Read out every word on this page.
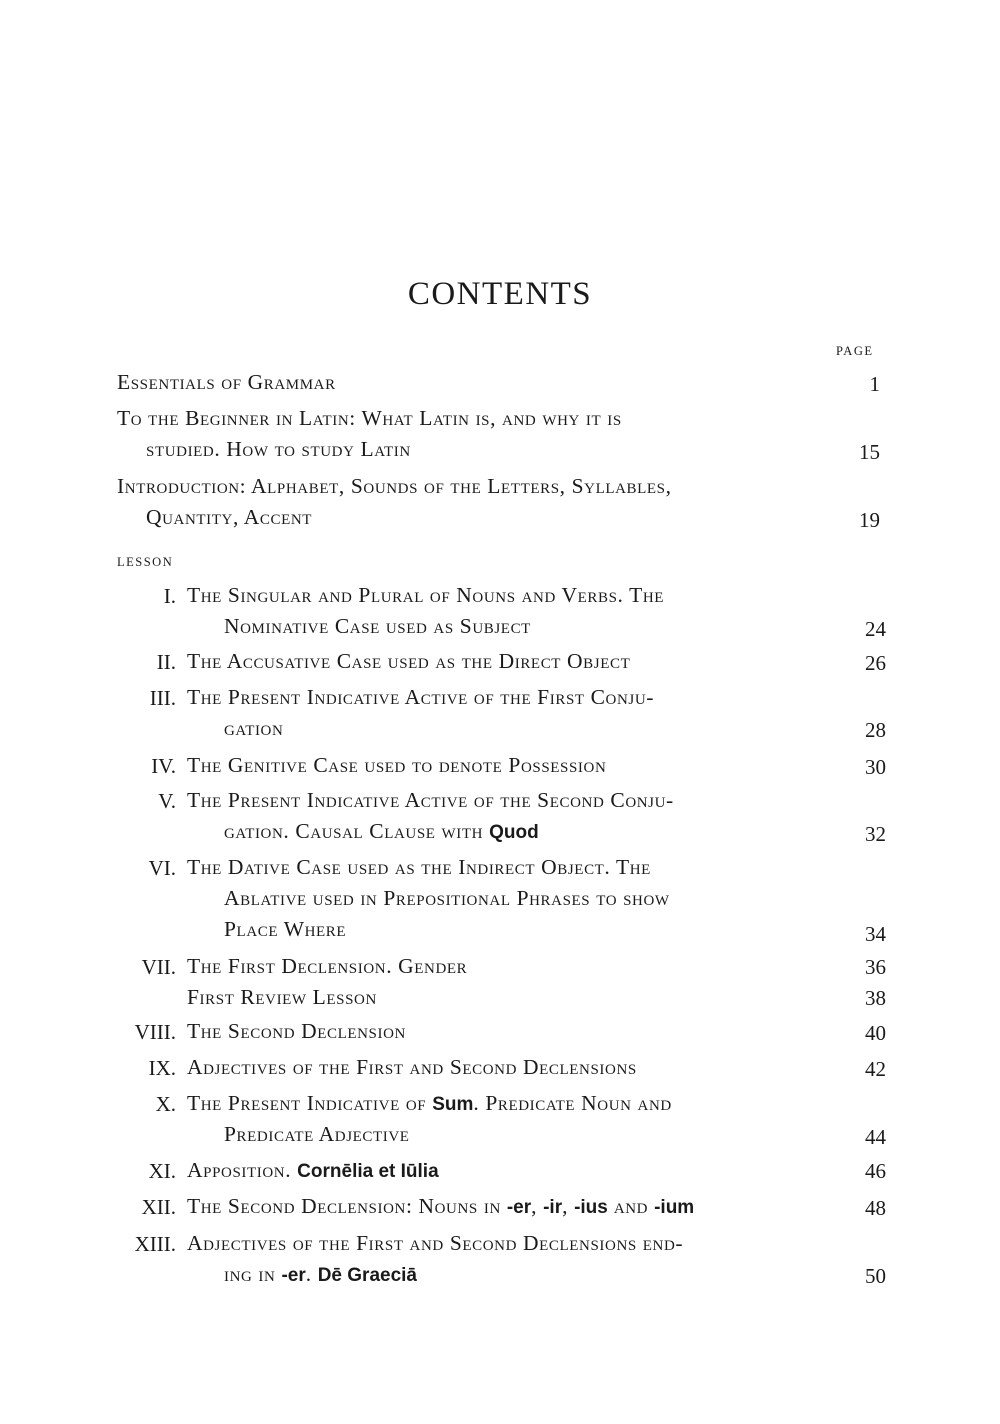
CONTENTS
PAGE
Essentials of Grammar	1
To the Beginner in Latin: What Latin is, and why it is
studied. How to study Latin	15
Introduction: Alphabet, Sounds of the Letters, Syllables,
Quantity, Accent	19
LESSON
I. The Singular and Plural of Nouns and Verbs. The
Nominative Case used as Subject	24
II. The Accusative Case used as the Direct Object	26
III. The Present Indicative Active of the First Conju-
gation	28
IV. The Genitive Case used to denote Possession	30
V. The Present Indicative Active of the Second Conju-
gation. Causal Clause with Quod	32
VI. The Dative Case used as the Indirect Object. The
Ablative used in Prepositional Phrases to show
Place Where	34
VII. The First Declension. Gender	36
First Review Lesson	38
VIII. The Second Declension	40
IX. Adjectives of the First and Second Declensions	42
X. The Present Indicative of Sum. Predicate Noun and
Predicate Adjective	44
XI. Apposition. Cornēlia et Iūlia	46
XII. The Second Declension: Nouns in -er, -ir, -ius and -ium	48
XIII. Adjectives of the First and Second Declensions end-
ing in -er. Dē Graeciā	50
